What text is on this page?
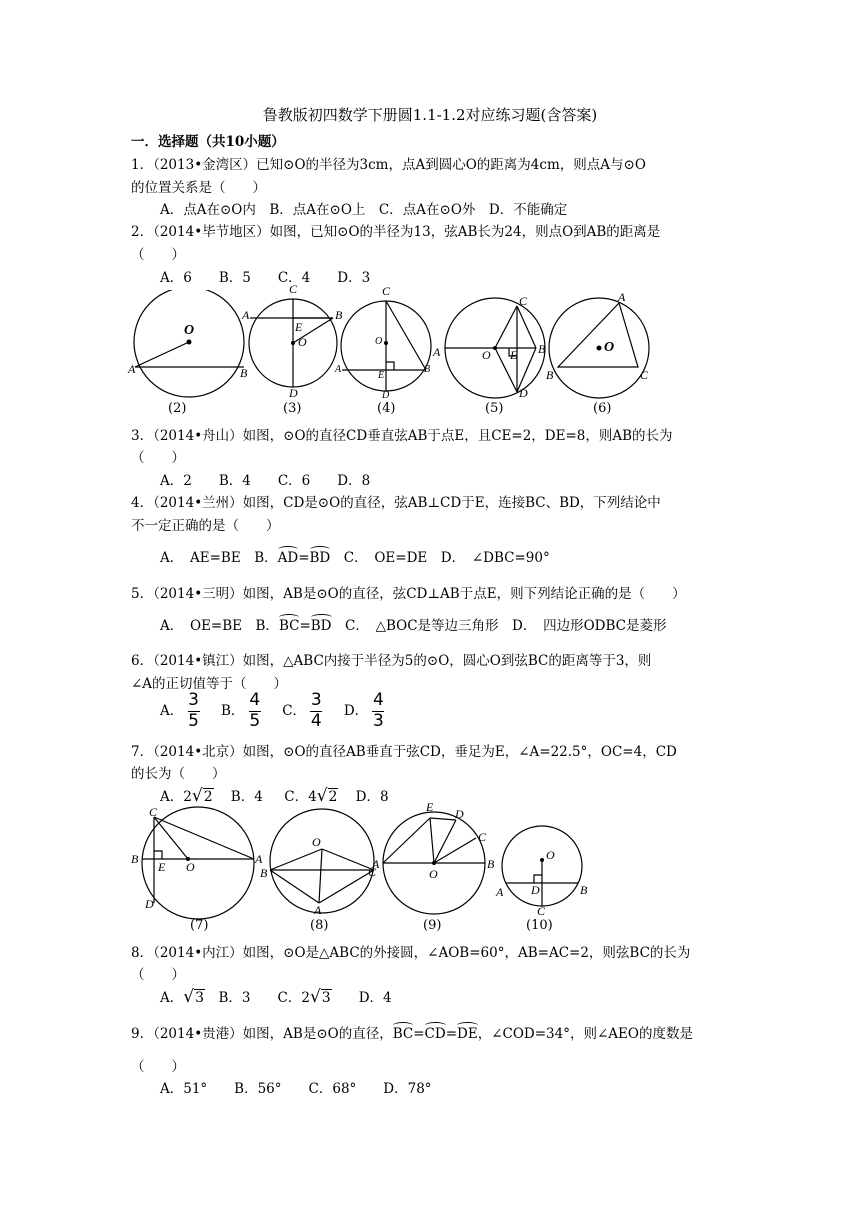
鲁教版初四数学下册圆1.1-1.2对应练习题(含答案)
一．选择题（共10小题）
1．（2013•金湾区）已知⊙O的半径为3cm，点A到圆心O的距离为4cm，则点A与⊙O
的位置关系是（　　）
A．点A在⊙O内　B．点A在⊙O上　C．点A在⊙O外　D．不能确定
2．（2014•毕节地区）如图，已知⊙O的半径为13，弦AB长为24，则点O到AB的距离是
（　　）
A．6　　B．5　　C．4　　D．3
O
A	B
C
A	B
E
O
D
C
O
A
E
B
D
C
A	O E B
D
A
O
B	C
(2)	(3)	(4)	(5)	(6)
3．（2014•舟山）如图，⊙O的直径CD垂直弦AB于点E，且CE=2，DE=8，则AB的长为
（　　）
A．2　　B．4　　C．6　　D．8
4．（2014•兰州）如图，CD是⊙O的直径，弦AB⊥CD于E，连接BC、BD，下列结论中
不一定正确的是（　　）
A．　AE=BE　B．AD=BD　C．　OE=DE　D．　∠DBC=90°
5．（2014•三明）如图，AB是⊙O的直径，弦CD⊥AB于点E，则下列结论正确的是（　　）
A．　OE=BE　B．BC=BD　C．　△BOC是等边三角形　D．　四边形ODBC是菱形
6．（2014•镇江）如图，△ABC内接于半径为5的⊙O，圆心O到弦BC的距离等于3，则
∠A的正切值等于（　　）
A． $\frac{3}{5}$ B． $\frac{4}{5}$ C． $\frac{3}{4}$ D． $\frac{4}{3}$
7．（2014•北京）如图，⊙O的直径AB垂直于弦CD，垂足为E，∠A=22.5°，OC=4，CD
的长为（　　）
A．2√2 B．4 C．4√2 D．8
C
B
E O
A
D
O
B	C
A
E D
C
A
O
B
O
A D	B
C
(7)	(8)	(9)	(10)
8．（2014•内江）如图，⊙O是△ABC的外接圆，∠AOB=60°，AB=AC=2，则弦BC的长为
（　　）
A．√3　B．3　　C．2√3　　D．4
9．（2014•贵港）如图，AB是⊙O的直径，BC=CD=DE，∠COD=34°，则∠AEO的度数是
（　　）
A．51°　　B．56°　　C．68°　　D．78°
